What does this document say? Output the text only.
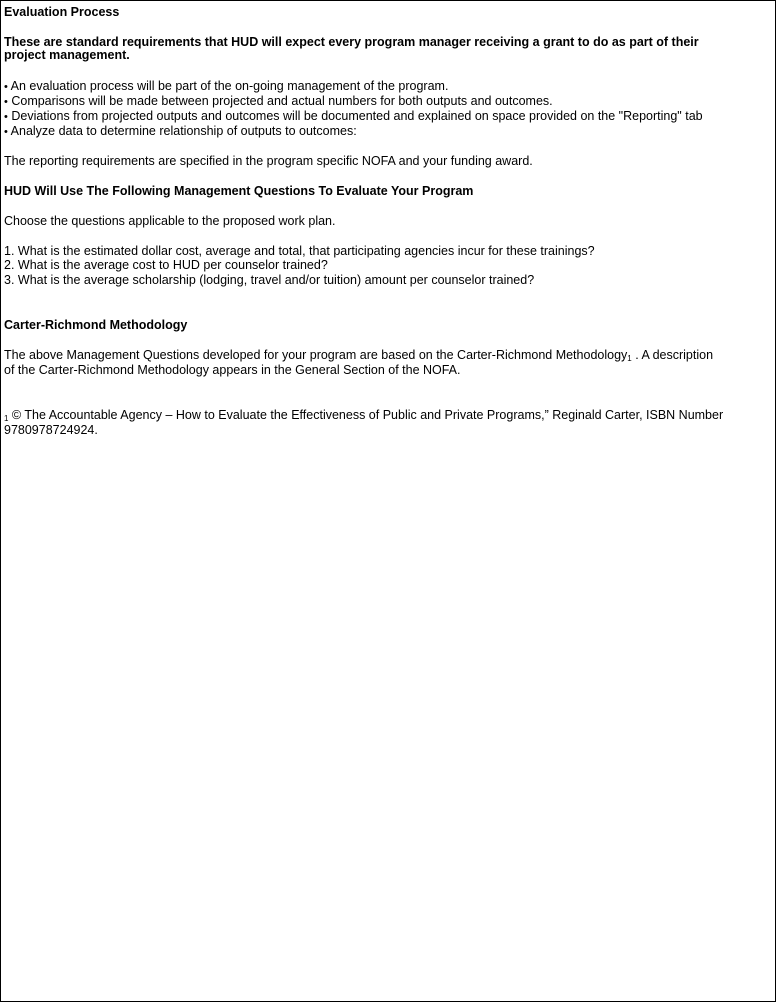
Evaluation Process
These are standard requirements that HUD will expect every program manager receiving a grant to do as part of their
project management.
• An evaluation process will be part of the on-going management of the program.
• Comparisons will be made between projected and actual numbers for both outputs and outcomes.
• Deviations from projected outputs and outcomes will be documented and explained on space provided on the "Reporting" tab
• Analyze data to determine relationship of outputs to outcomes:
The reporting requirements are specified in the program specific NOFA and your funding award.
HUD Will Use The Following Management Questions To Evaluate Your Program
Choose the questions applicable to the proposed work plan.
1. What is the estimated dollar cost, average and total, that participating agencies incur for these trainings?
2. What is the average cost to HUD per counselor trained?
3. What is the average scholarship (lodging, travel and/or tuition) amount per counselor trained?
Carter-Richmond Methodology
The above Management Questions developed for your program are based on the Carter-Richmond Methodology1 . A description
of the Carter-Richmond Methodology appears in the General Section of the NOFA.
1 © The Accountable Agency – How to Evaluate the Effectiveness of Public and Private Programs,” Reginald Carter, ISBN Number
9780978724924.
